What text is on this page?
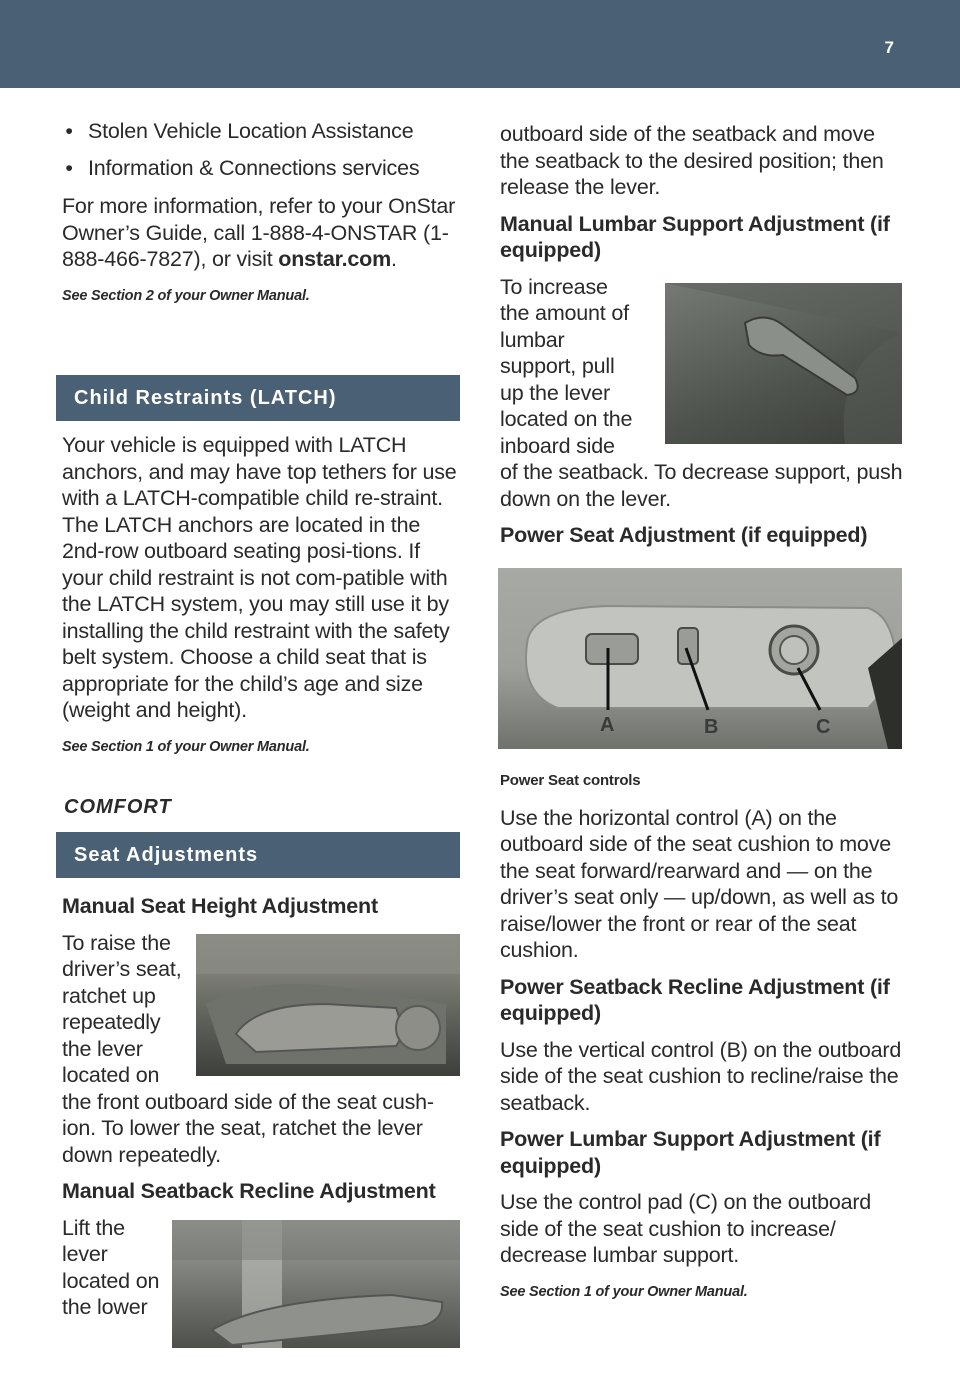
7
• Stolen Vehicle Location Assistance
• Information & Connections services

For more information, refer to your OnStar Owner’s Guide, call 1-888-4-ONSTAR (1-888-466-7827), or visit onstar.com.

See Section 2 of your Owner Manual.
Child Restraints (LATCH)

Your vehicle is equipped with LATCH anchors, and may have top tethers for use with a LATCH-compatible child re-straint. The LATCH anchors are located in the 2nd-row outboard seating posi-tions. If your child restraint is not com-patible with the LATCH system, you may still use it by installing the child restraint with the safety belt system. Choose a child seat that is appropriate for the child’s age and size (weight and height).

See Section 1 of your Owner Manual.
COMFORT
Seat Adjustments
Manual Seat Height Adjustment

To raise the driver’s seat, ratchet up repeatedly the lever located on the front outboard side of the seat cush-ion. To lower the seat, ratchet the lever down repeatedly.

Manual Seatback Recline Adjustment

Lift the lever located on the lower

outboard side of the seatback and move the seatback to the desired position; then release the lever.

Manual Lumbar Support Adjustment (if equipped)

To increase the amount of lumbar support, pull up the lever located on the inboard side of the seatback. To decrease support, push down on the lever.

Power Seat Adjustment (if equipped)
A	B	C
Power Seat controls

Use the horizontal control (A) on the outboard side of the seat cushion to move the seat forward/rearward and — on the driver’s seat only — up/down, as well as to raise/lower the front or rear of the seat cushion.

Power Seatback Recline Adjustment (if equipped)

Use the vertical control (B) on the outboard side of the seat cushion to recline/raise the seatback.

Power Lumbar Support Adjustment (if equipped)

Use the control pad (C) on the outboard side of the seat cushion to increase/ decrease lumbar support.

See Section 1 of your Owner Manual.
